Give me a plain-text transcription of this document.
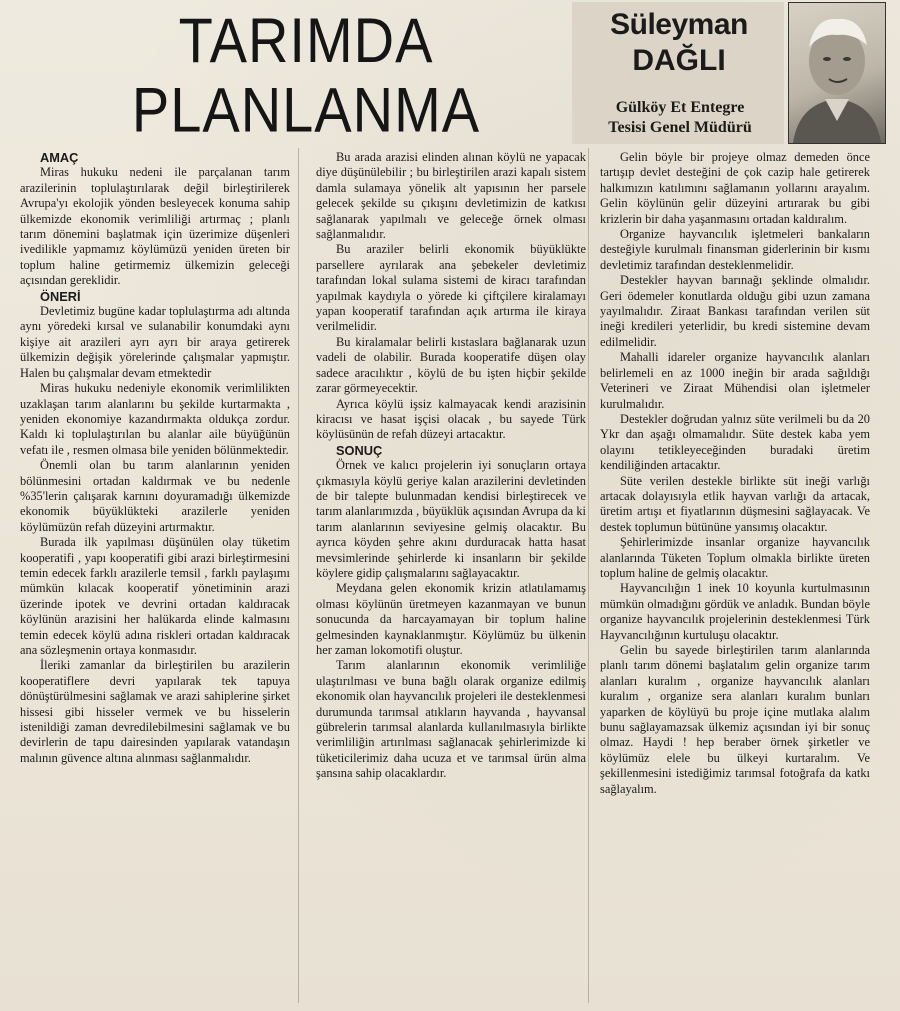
TARIMDA
PLANLANMA
Süleyman
DAĞLI
Gülköy Et Entegre
Tesisi Genel Müdürü
AMAÇ

Miras hukuku nedeni ile parçalanan tarım arazilerinin toplulaştırılarak değil birleştirilerek Avrupa'yı ekolojik yönden besleyecek konuma sahip ülkemizde ekonomik verimliliği artırmaç ; planlı tarım dönemini başlatmak için üzerimize düşenleri ivedilikle yapmamız köylümüzü yeniden üreten bir toplum haline getirmemiz ülkemizin geleceği açısından gereklidir.

ÖNERİ

Devletimiz bugüne kadar toplulaştırma adı altında aynı yöredeki kırsal ve sulanabilir konumdaki aynı kişiye ait arazileri ayrı ayrı bir araya getirerek ülkemizin değişik yörelerinde çalışmalar yapmıştır. Halen bu çalışmalar devam etmektedir

Miras hukuku nedeniyle ekonomik verimlilikten uzaklaşan tarım alanlarını bu şekilde kurtarmakta , yeniden ekonomiye kazandırmakta oldukça zordur. Kaldı ki toplulaştırılan bu alanlar aile büyüğünün vefatı ile , resmen olmasa bile yeniden bölünmektedir.

Önemli olan bu tarım alanlarının yeniden bölünmesini ortadan kaldırmak ve bu nedenle %35'lerin çalışarak karnını doyuramadığı ülkemizde ekonomik büyüklükteki arazilerle yeniden köylümüzün refah düzeyini artırmaktır.

Burada ilk yapılması düşünülen olay tüketim kooperatifi , yapı kooperatifi gibi arazi birleştirmesini temin edecek farklı arazilerle temsil , farklı paylaşımı mümkün kılacak kooperatif yönetiminin arazi üzerinde ipotek ve devrini ortadan kaldıracak köylünün arazisini her halükarda elinde kalmasını temin edecek köylü adına riskleri ortadan kaldıracak ana sözleşmenin ortaya konmasıdır.

İleriki zamanlar da birleştirilen bu arazilerin kooperatiflere devri yapılarak tek tapuya dönüştürülmesini sağlamak ve arazi sahiplerine şirket hissesi gibi hisseler vermek ve bu hisselerin istenildiği zaman devredilebilmesini sağlamak ve bu devirlerin de tapu dairesinden yapılarak vatandaşın malının güvence altına alınması sağlanmalıdır.

Bu arada arazisi elinden alınan köylü ne yapacak diye düşünülebilir ; bu birleştirilen arazi kapalı sistem damla sulamaya yönelik alt yapısının her parsele gelecek şekilde su çıkışını devletimizin de katkısı sağlanarak yapılmalı ve geleceğe örnek olması sağlanmalıdır.

Bu araziler belirli ekonomik büyüklükte parsellere ayrılarak ana şebekeler devletimiz tarafından lokal sulama sistemi de kiracı tarafından yapılmak kaydıyla o yörede ki çiftçilere kiralamayı yapan kooperatif tarafından açık artırma ile kiraya verilmelidir.

Bu kiralamalar belirli kıstaslara bağlanarak uzun vadeli de olabilir. Burada kooperatife düşen olay sadece aracılıktır , köylü de bu işten hiçbir şekilde zarar görmeyecektir.

Ayrıca köylü işsiz kalmayacak kendi arazisinin kiracısı ve hasat işçisi olacak , bu sayede Türk köylüsünün de refah düzeyi artacaktır.

SONUÇ

Örnek ve kalıcı projelerin iyi sonuçların ortaya çıkmasıyla köylü geriye kalan arazilerini devletinden de bir talepte bulunmadan kendisi birleştirecek ve tarım alanlarımızda , büyüklük açısından Avrupa da ki tarım alanlarının seviyesine gelmiş olacaktır. Bu ayrıca köyden şehre akını durduracak hatta hasat mevsimlerinde şehirlerde ki insanların bir şekilde köylere gidip çalışmalarını sağlayacaktır.

Meydana gelen ekonomik krizin atlatılamamış olması köylünün üretmeyen kazanmayan ve bunun sonucunda da harcayamayan bir toplum haline gelmesinden kaynaklanmıştır. Köylümüz bu ülkenin her zaman lokomotifi oluştur.

Tarım alanlarının ekonomik verimliliğe ulaştırılması ve buna bağlı olarak organize edilmiş ekonomik olan hayvancılık projeleri ile desteklenmesi durumunda tarımsal atıkların hayvanda , hayvansal gübrelerin tarımsal alanlarda kullanılmasıyla birlikte verimliliğin artırılması sağlanacak şehirlerimizde ki tüketicilerimiz daha ucuza et ve tarımsal ürün alma şansına sahip olacaklardır.

Gelin böyle bir projeye olmaz demeden önce tartışıp devlet desteğini de çok cazip hale getirerek halkımızın katılımını sağlamanın yollarını arayalım. Gelin köylünün gelir düzeyini artırarak bu gibi krizlerin bir daha yaşanmasını ortadan kaldıralım.

Organize hayvancılık işletmeleri bankaların desteğiyle kurulmalı finansman giderlerinin bir kısmı devletimiz tarafından desteklenmelidir.

Destekler hayvan barınağı şeklinde olmalıdır. Geri ödemeler konutlarda olduğu gibi uzun zamana yayılmalıdır. Ziraat Bankası tarafından verilen süt ineği kredileri yeterlidir, bu kredi sistemine devam edilmelidir.

Mahalli idareler organize hayvancılık alanları belirlemeli en az 1000 ineğin bir arada sağıldığı Veterineri ve Ziraat Mühendisi olan işletmeler kurulmalıdır.

Destekler doğrudan yalnız süte verilmeli bu da 20 Ykr dan aşağı olmamalıdır. Süte destek kaba yem olayını tetikleyeceğinden buradaki üretim kendiliğinden artacaktır.

Süte verilen destekle birlikte süt ineği varlığı artacak dolayısıyla etlik hayvan varlığı da artacak, üretim artışı et fiyatlarının düşmesini sağlayacak. Ve destek toplumun bütününe yansımış olacaktır.

Şehirlerimizde insanlar organize hayvancılık alanlarında Tüketen Toplum olmakla birlikte üreten toplum haline de gelmiş olacaktır.

Hayvancılığın 1 inek 10 koyunla kurtulmasının mümkün olmadığını gördük ve anladık. Bundan böyle organize hayvancılık projelerinin desteklenmesi Türk Hayvancılığının kurtuluşu olacaktır.

Gelin bu sayede birleştirilen tarım alanlarında planlı tarım dönemi başlatalım gelin organize tarım alanları kuralım , organize hayvancılık alanları kuralım , organize sera alanları kuralım bunları yaparken de köylüyü bu proje içine mutlaka alalım bunu sağlayamazsak ülkemiz açısından iyi bir sonuç olmaz. Haydi ! hep beraber örnek şirketler ve köylümüz elele bu ülkeyi kurtaralım. Ve şekillenmesini istediğimiz tarımsal fotoğrafa da katkı sağlayalım.
